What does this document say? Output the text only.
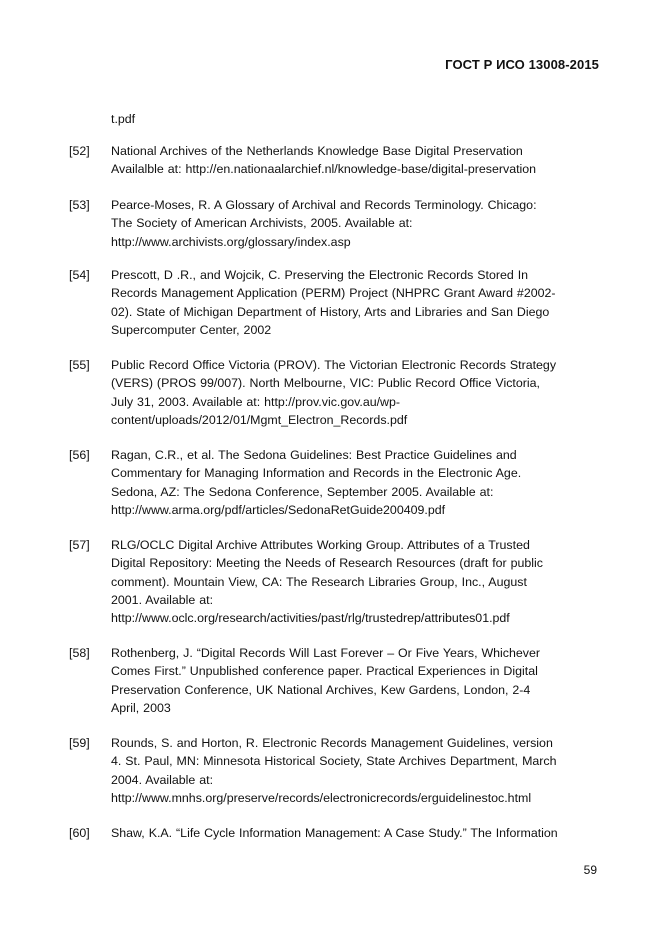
ГОСТ Р ИСО 13008-2015
t.pdf
[52] National Archives of the Netherlands Knowledge Base Digital Preservation
Availalble at: http://en.nationaalarchief.nl/knowledge-base/digital-preservation
[53] Pearce-Moses, R. A Glossary of Archival and Records Terminology. Chicago:
The Society of American Archivists, 2005. Available at:
http://www.archivists.org/glossary/index.asp
[54] Prescott, D .R., and Wojcik, C. Preserving the Electronic Records Stored In
Records Management Application (PERM) Project (NHPRC Grant Award #2002-
02). State of Michigan Department of History, Arts and Libraries and San Diego
Supercomputer Center, 2002
[55] Public Record Office Victoria (PROV). The Victorian Electronic Records Strategy
(VERS) (PROS 99/007). North Melbourne, VIC: Public Record Office Victoria,
July 31, 2003. Available at: http://prov.vic.gov.au/wp-
content/uploads/2012/01/Mgmt_Electron_Records.pdf
[56] Ragan, C.R., et al. The Sedona Guidelines: Best Practice Guidelines and
Commentary for Managing Information and Records in the Electronic Age.
Sedona, AZ: The Sedona Conference, September 2005. Available at:
http://www.arma.org/pdf/articles/SedonaRetGuide200409.pdf
[57] RLG/OCLC Digital Archive Attributes Working Group. Attributes of a Trusted
Digital Repository: Meeting the Needs of Research Resources (draft for public
comment). Mountain View, CA: The Research Libraries Group, Inc., August
2001. Available at:
http://www.oclc.org/research/activities/past/rlg/trustedrep/attributes01.pdf
[58] Rothenberg, J. “Digital Records Will Last Forever – Or Five Years, Whichever
Comes First.” Unpublished conference paper. Practical Experiences in Digital
Preservation Conference, UK National Archives, Kew Gardens, London, 2-4
April, 2003
[59] Rounds, S. and Horton, R. Electronic Records Management Guidelines, version
4. St. Paul, MN: Minnesota Historical Society, State Archives Department, March
2004. Available at:
http://www.mnhs.org/preserve/records/electronicrecords/erguidelinestoc.html
[60] Shaw, K.A. “Life Cycle Information Management: A Case Study.” The Information
59
